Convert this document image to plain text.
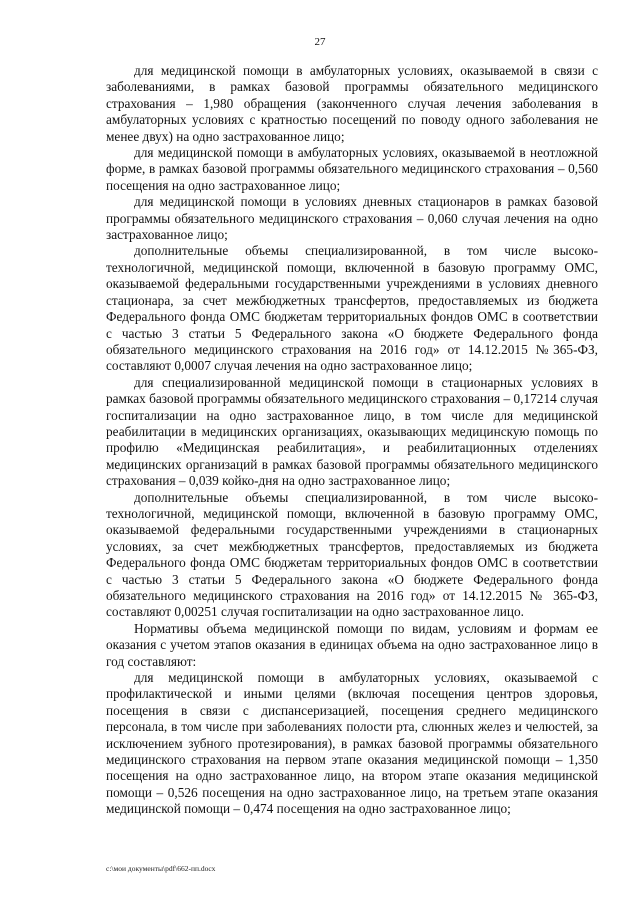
27

для медицинской помощи в амбулаторных условиях, оказываемой в связи с заболеваниями, в рамках базовой программы обязательного медицинского страхования – 1,980 обращения (законченного случая лечения заболевания в амбулаторных условиях с кратностью посещений по поводу одного заболевания не менее двух) на одно застрахованное лицо;

для медицинской помощи в амбулаторных условиях, оказываемой в неотложной форме, в рамках базовой программы обязательного медицинского страхования – 0,560 посещения на одно застрахованное лицо;

для медицинской помощи в условиях дневных стационаров в рамках базовой программы обязательного медицинского страхования – 0,060 случая лечения на одно застрахованное лицо;

дополнительные объемы специализированной, в том числе высокотехнологичной, медицинской помощи, включенной в базовую программу ОМС, оказываемой федеральными государственными учреждениями в условиях дневного стационара, за счет межбюджетных трансфертов, предоставляемых из бюджета Федерального фонда ОМС бюджетам территориальных фондов ОМС в соответствии с частью 3 статьи 5 Федерального закона «О бюджете Федерального фонда обязательного медицинского страхования на 2016 год» от 14.12.2015 №365-ФЗ, составляют 0,0007 случая лечения на одно застрахованное лицо;

для специализированной медицинской помощи в стационарных условиях в рамках базовой программы обязательного медицинского страхования – 0,17214 случая госпитализации на одно застрахованное лицо, в том числе для медицинской реабилитации в медицинских организациях, оказывающих медицинскую помощь по профилю «Медицинская реабилитация», и реабилитационных отделениях медицинских организаций в рамках базовой программы обязательного медицинского страхования – 0,039 койко-дня на одно застрахованное лицо;

дополнительные объемы специализированной, в том числе высокотехнологичной, медицинской помощи, включенной в базовую программу ОМС, оказываемой федеральными государственными учреждениями в стационарных условиях, за счет межбюджетных трансфертов, предоставляемых из бюджета Федерального фонда ОМС бюджетам территориальных фондов ОМС в соответствии с частью 3 статьи 5 Федерального закона «О бюджете Федерального фонда обязательного медицинского страхования на 2016 год» от 14.12.2015 № 365-ФЗ, составляют 0,00251 случая госпитализации на одно застрахованное лицо.

Нормативы объема медицинской помощи по видам, условиям и формам ее оказания с учетом этапов оказания в единицах объема на одно застрахованное лицо в год составляют:

для медицинской помощи в амбулаторных условиях, оказываемой с профилактической и иными целями (включая посещения центров здоровья, посещения в связи с диспансеризацией, посещения среднего медицинского персонала, в том числе при заболеваниях полости рта, слюнных желез и челюстей, за исключением зубного протезирования), в рамках базовой программы обязательного медицинского страхования на первом этапе оказания медицинской помощи – 1,350 посещения на одно застрахованное лицо, на втором этапе оказания медицинской помощи – 0,526 посещения на одно застрахованное лицо, на третьем этапе оказания медицинской помощи – 0,474 посещения на одно застрахованное лицо;

c:\мои документы\pdf\662-пп.docx
